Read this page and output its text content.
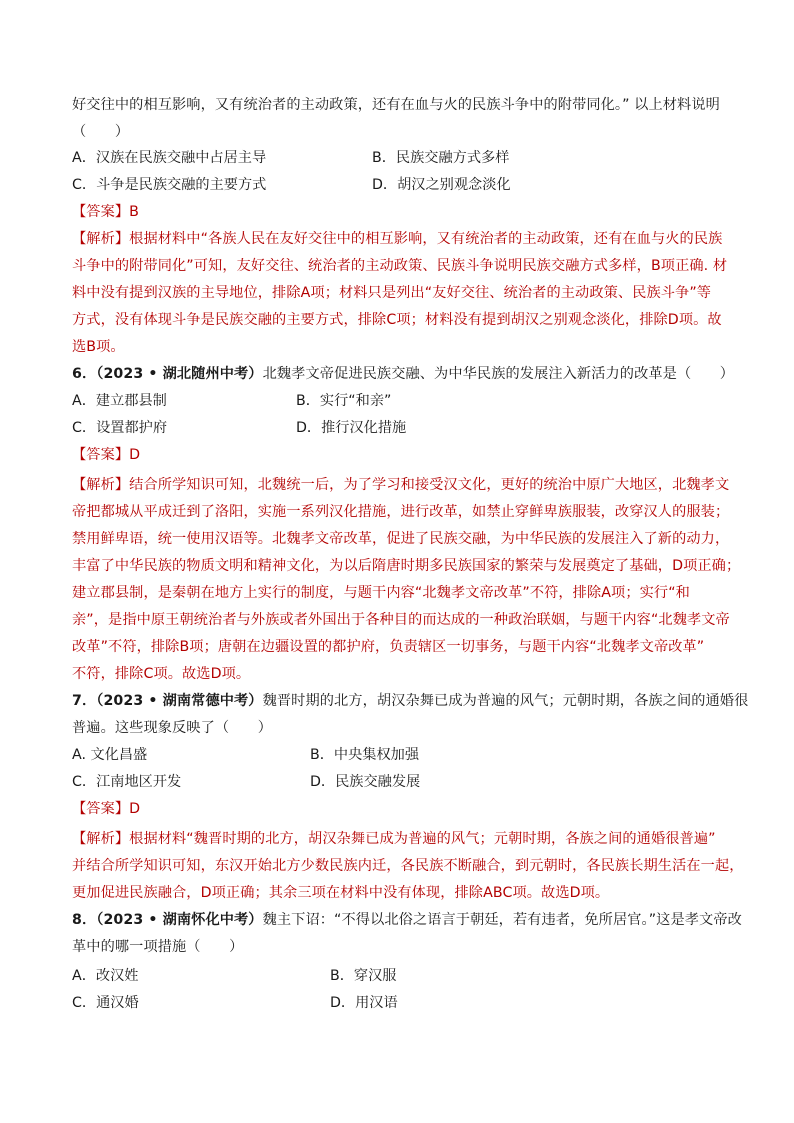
好交往中的相互影响，又有统治者的主动政策，还有在血与火的民族斗争中的附带同化。” 以上材料说明
（　　）
A．汉族在民族交融中占居主导	B．民族交融方式多样
C．斗争是民族交融的主要方式	D．胡汉之别观念淡化
【答案】B
【解析】根据材料中“各族人民在友好交往中的相互影响，又有统治者的主动政策，还有在血与火的民族
斗争中的附带同化”可知，友好交往、统治者的主动政策、民族斗争说明民族交融方式多样，B项正确. 材
料中没有提到汉族的主导地位，排除A项；材料只是列出“友好交往、统治者的主动政策、民族斗争”等
方式，没有体现斗争是民族交融的主要方式，排除C项；材料没有提到胡汉之别观念淡化，排除D项。故
选B项。
6．（2023 • 湖北随州中考）北魏孝文帝促进民族交融、为中华民族的发展注入新活力的改革是（　　）
A．建立郡县制	B．实行“和亲”
C．设置都护府	D．推行汉化措施
【答案】D
【解析】结合所学知识可知，北魏统一后，为了学习和接受汉文化，更好的统治中原广大地区，北魏孝文
帝把都城从平成迁到了洛阳，实施一系列汉化措施，进行改革，如禁止穿鲜卑族服装，改穿汉人的服装；
禁用鲜卑语，统一使用汉语等。北魏孝文帝改革，促进了民族交融，为中华民族的发展注入了新的动力，
丰富了中华民族的物质文明和精神文化，为以后隋唐时期多民族国家的繁荣与发展奠定了基础，D项正确；
建立郡县制，是秦朝在地方上实行的制度，与题干内容“北魏孝文帝改革”不符，排除A项；实行“和
亲”，是指中原王朝统治者与外族或者外国出于各种目的而达成的一种政治联姻，与题干内容“北魏孝文帝
改革”不符，排除B项；唐朝在边疆设置的都护府，负责辖区一切事务，与题干内容“北魏孝文帝改革”
不符，排除C项。故选D项。
7．（2023 • 湖南常德中考）魏晋时期的北方，胡汉杂舞已成为普遍的风气；元朝时期，各族之间的通婚很
普遍。这些现象反映了（　　）
A. 文化昌盛	B．中央集权加强
C．江南地区开发	D．民族交融发展
【答案】D
【解析】根据材料“魏晋时期的北方，胡汉杂舞已成为普遍的风气；元朝时期，各族之间的通婚很普遍”
并结合所学知识可知，东汉开始北方少数民族内迁，各民族不断融合，到元朝时，各民族长期生活在一起，
更加促进民族融合，D项正确；其余三项在材料中没有体现，排除ABC项。故选D项。
8．（2023 • 湖南怀化中考）魏主下诏：“不得以北俗之语言于朝廷，若有违者，免所居官。”这是孝文帝改
革中的哪一项措施（　　）
A．改汉姓	B．穿汉服
C．通汉婚	D．用汉语
